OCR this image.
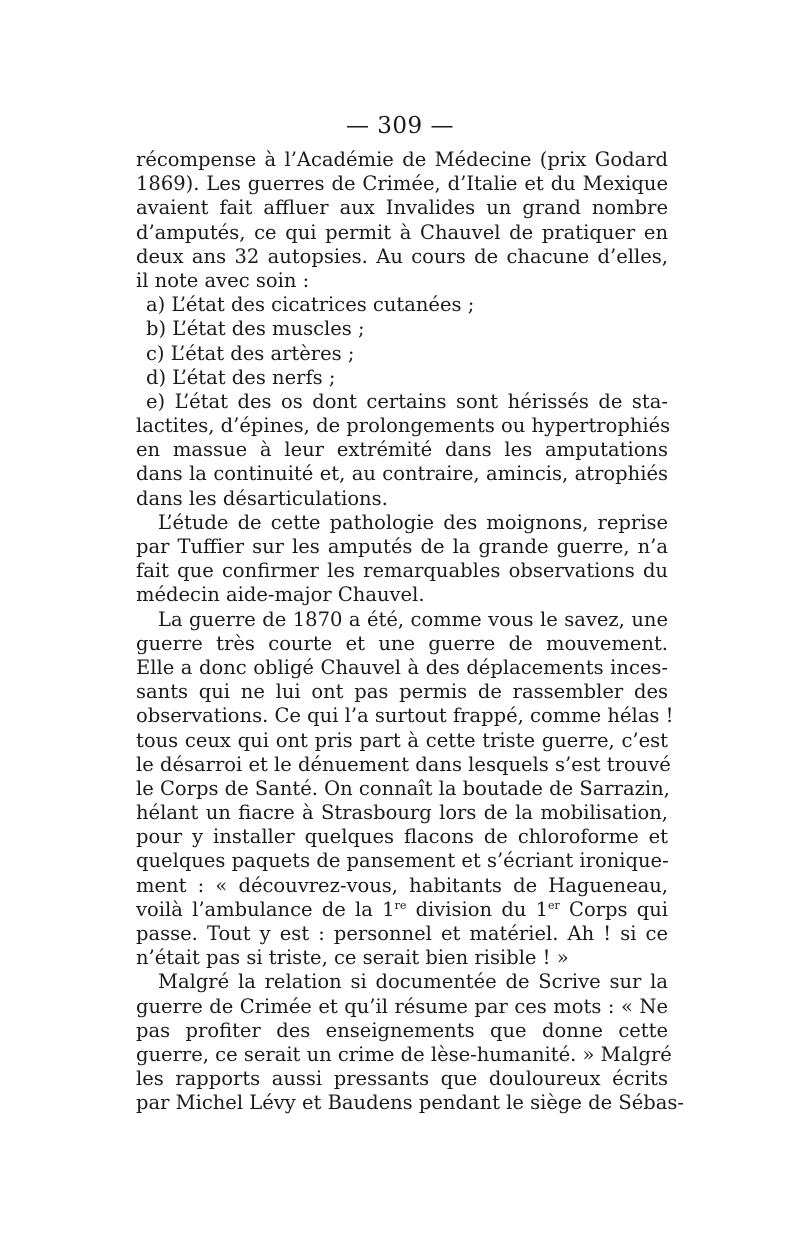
— 309 —
récompense à l’Académie de Médecine (prix Godard
1869). Les guerres de Crimée, d’Italie et du Mexique
avaient fait affluer aux Invalides un grand nombre
d’amputés, ce qui permit à Chauvel de pratiquer en
deux ans 32 autopsies. Au cours de chacune d’elles,
il note avec soin :
a) L’état des cicatrices cutanées ;
b) L’état des muscles ;
c) L’état des artères ;
d) L’état des nerfs ;
e) L’état des os dont certains sont hérissés de sta-
lactites, d’épines, de prolongements ou hypertrophiés
en massue à leur extrémité dans les amputations
dans la continuité et, au contraire, amincis, atrophiés
dans les désarticulations.
L’étude de cette pathologie des moignons, reprise
par Tuffier sur les amputés de la grande guerre, n’a
fait que confirmer les remarquables observations du
médecin aide-major Chauvel.
La guerre de 1870 a été, comme vous le savez, une
guerre très courte et une guerre de mouvement.
Elle a donc obligé Chauvel à des déplacements inces-
sants qui ne lui ont pas permis de rassembler des
observations. Ce qui l’a surtout frappé, comme hélas !
tous ceux qui ont pris part à cette triste guerre, c’est
le désarroi et le dénuement dans lesquels s’est trouvé
le Corps de Santé. On connaît la boutade de Sarrazin,
hélant un fiacre à Strasbourg lors de la mobilisation,
pour y installer quelques flacons de chloroforme et
quelques paquets de pansement et s’écriant ironique-
ment : « découvrez-vous, habitants de Hagueneau,
voilà l’ambulance de la 1re division du 1er Corps qui
passe. Tout y est : personnel et matériel. Ah ! si ce
n’était pas si triste, ce serait bien risible ! »
Malgré la relation si documentée de Scrive sur la
guerre de Crimée et qu’il résume par ces mots : « Ne
pas profiter des enseignements que donne cette
guerre, ce serait un crime de lèse-humanité. » Malgré
les rapports aussi pressants que douloureux écrits
par Michel Lévy et Baudens pendant le siège de Sébas-
